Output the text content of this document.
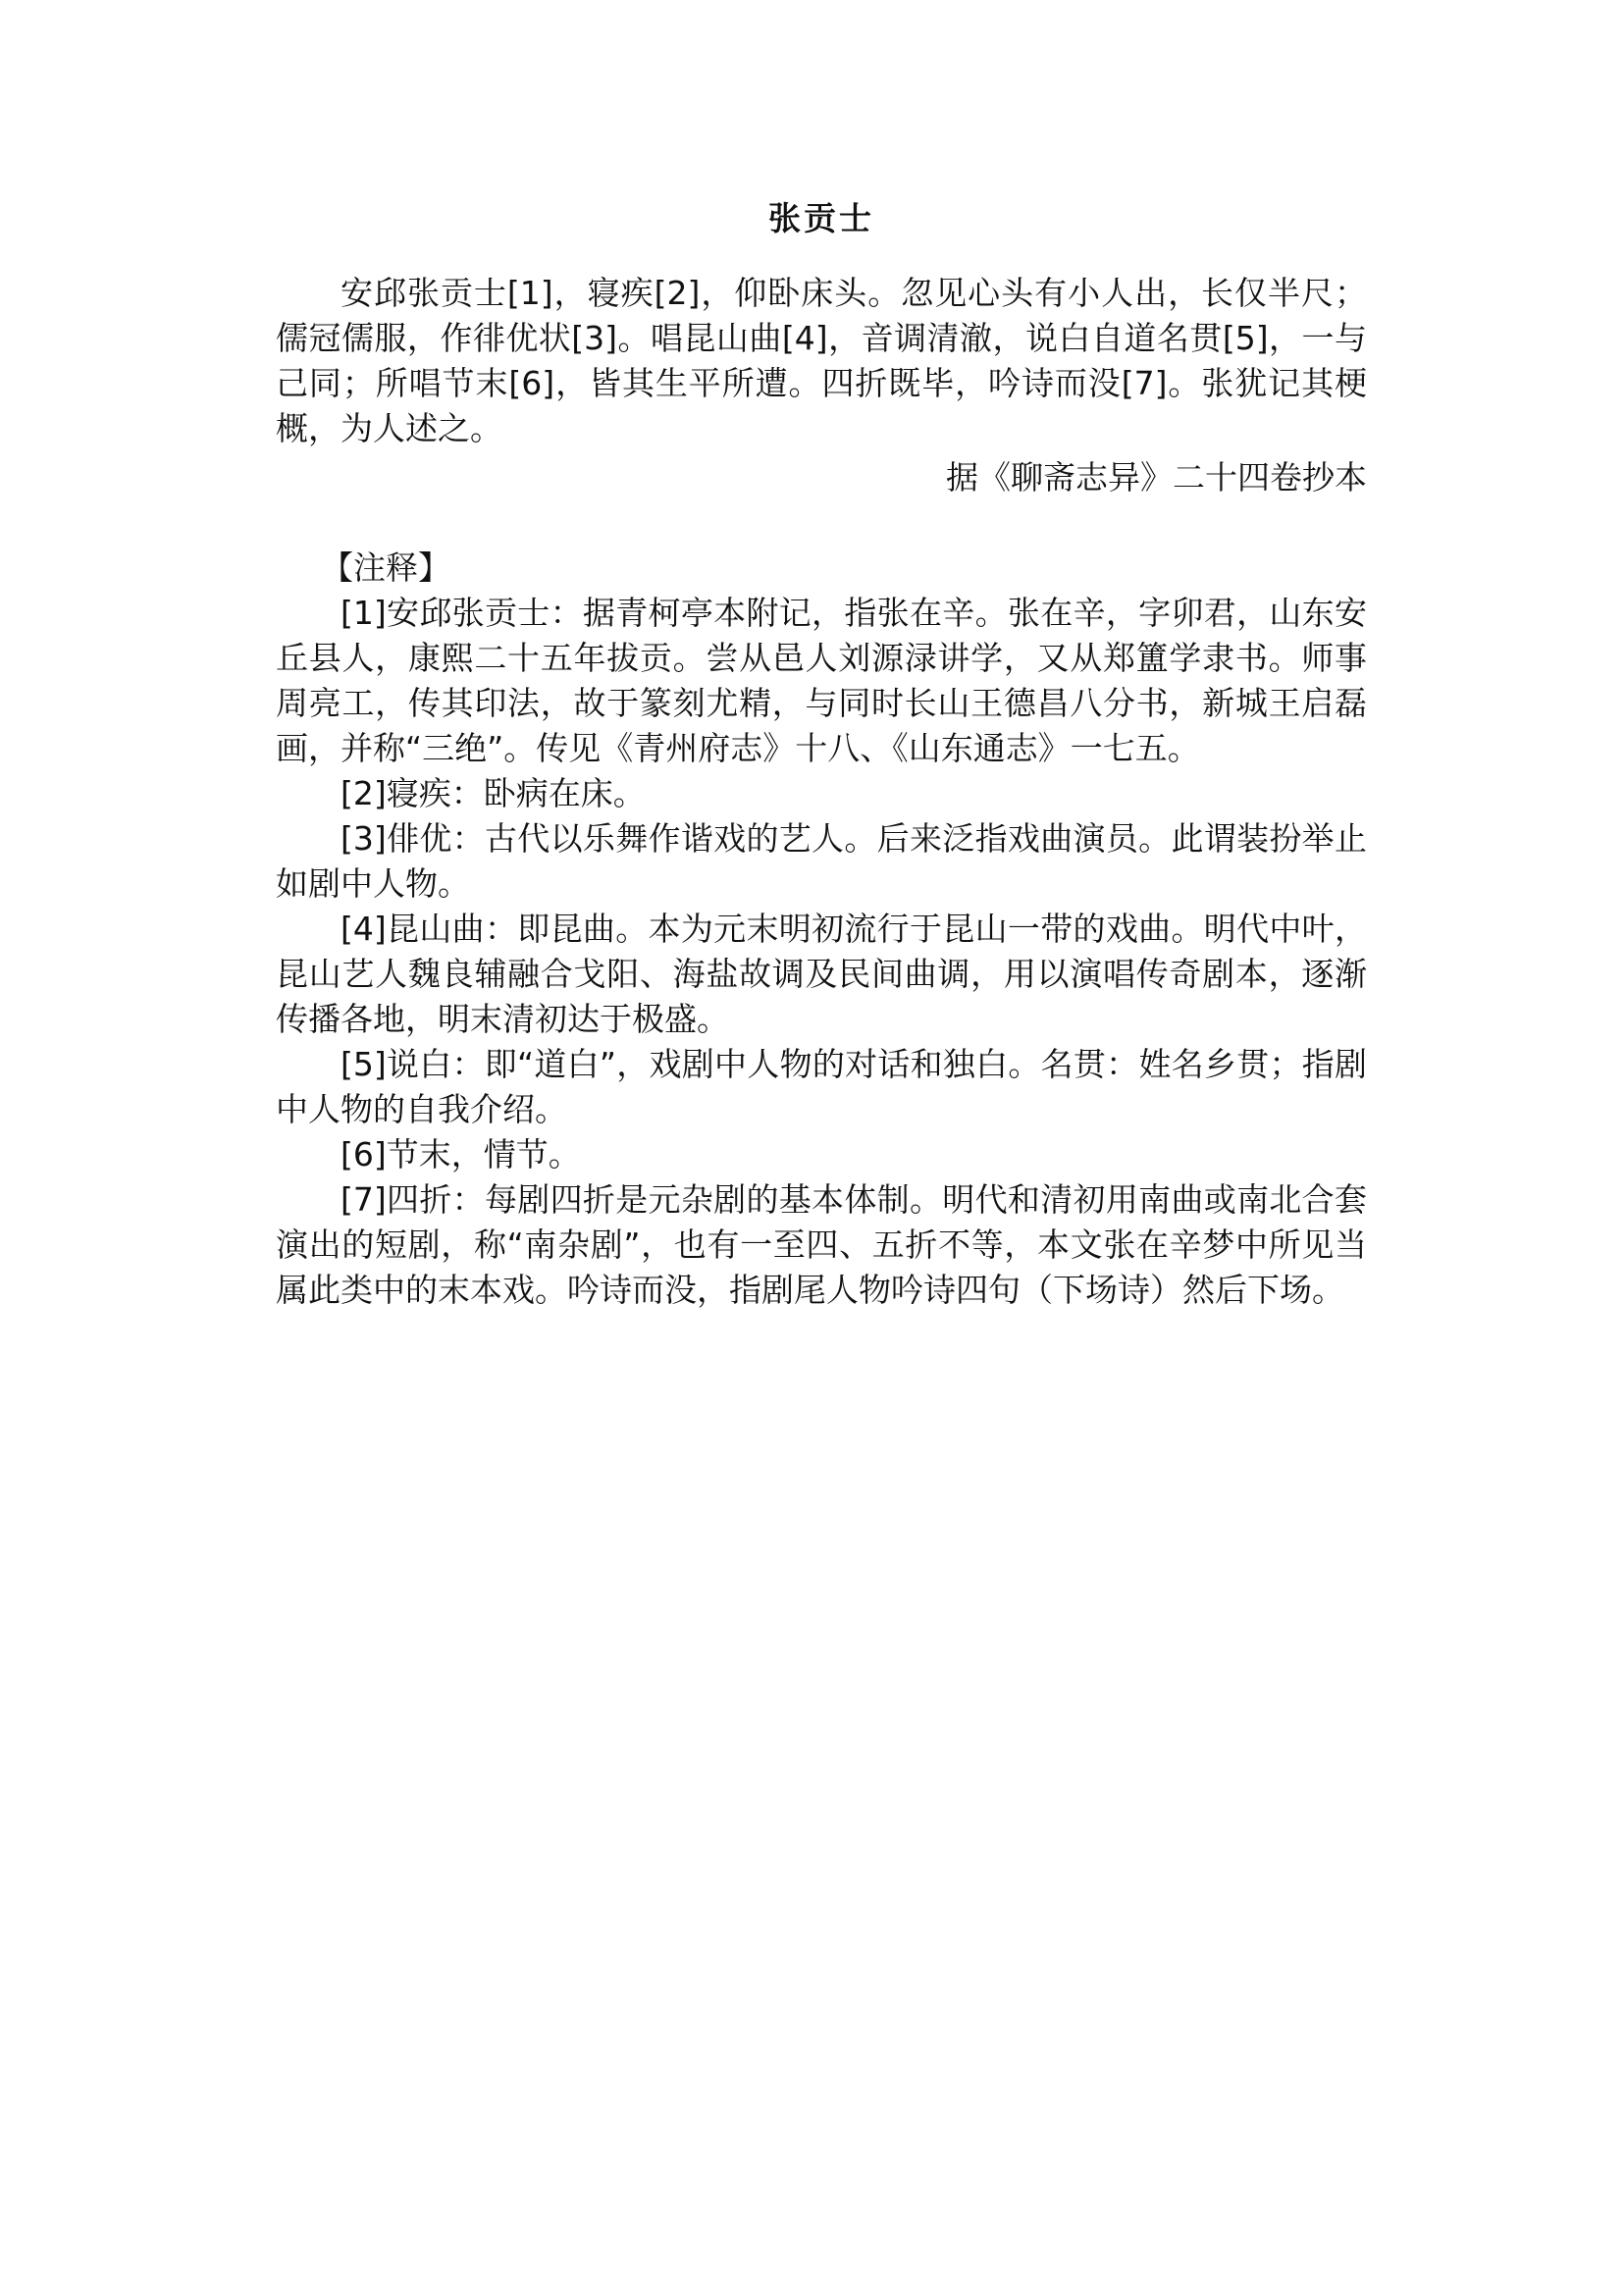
张贡士

安邱张贡士[1]，寝疾[2]，仰卧床头。忽见心头有小人出，长仅半尺；儒冠儒服，作徘优状[3]。唱昆山曲[4]，音调清澈，说白自道名贯[5]，一与己同；所唱节末[6]，皆其生平所遭。四折既毕，吟诗而没[7]。张犹记其梗概，为人述之。

据《聊斋志异》二十四卷抄本
【注释】

[1]安邱张贡士：据青柯亭本附记，指张在辛。张在辛，字卯君，山东安丘县人，康熙二十五年拔贡。尝从邑人刘源渌讲学，又从郑簠学隶书。师事周亮工，传其印法，故于篆刻尤精，与同时长山王德昌八分书，新城王启磊画，并称“三绝”。传见《青州府志》十八、《山东通志》一七五。

[2]寝疾：卧病在床。

[3]俳优：古代以乐舞作谐戏的艺人。后来泛指戏曲演员。此谓装扮举止如剧中人物。

[4]昆山曲：即昆曲。本为元末明初流行于昆山一带的戏曲。明代中叶，昆山艺人魏良辅融合戈阳、海盐故调及民间曲调，用以演唱传奇剧本，逐渐传播各地，明末清初达于极盛。

[5]说白：即“道白”，戏剧中人物的对话和独白。名贯：姓名乡贯；指剧中人物的自我介绍。

[6]节末，情节。

[7]四折：每剧四折是元杂剧的基本体制。明代和清初用南曲或南北合套演出的短剧，称“南杂剧”，也有一至四、五折不等，本文张在辛梦中所见当属此类中的末本戏。吟诗而没，指剧尾人物吟诗四句（下场诗）然后下场。
